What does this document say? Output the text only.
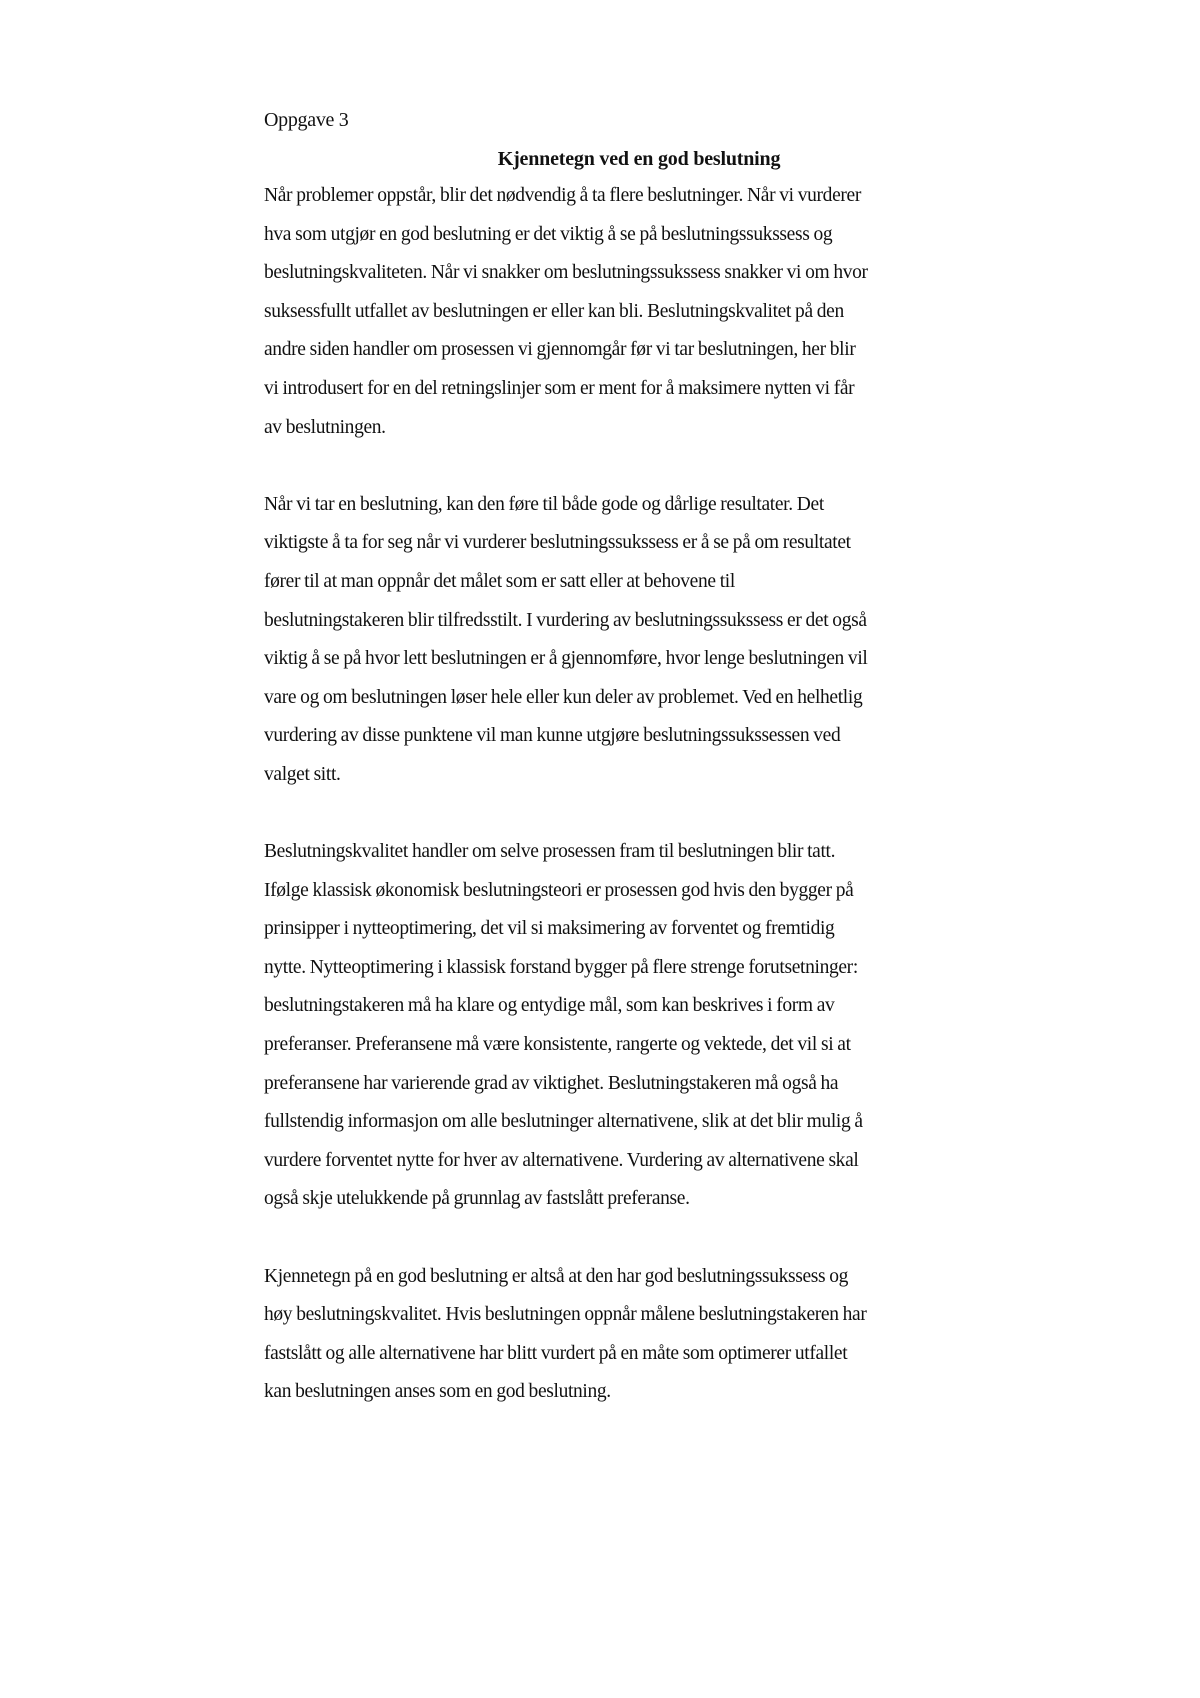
Oppgave 3
Kjennetegn ved en god beslutning
Når problemer oppstår, blir det nødvendig å ta flere beslutninger. Når vi vurderer
hva som utgjør en god beslutning er det viktig å se på beslutningssukssess og
beslutningskvaliteten. Når vi snakker om beslutningssukssess snakker vi om hvor
suksessfullt utfallet av beslutningen er eller kan bli. Beslutningskvalitet på den
andre siden handler om prosessen vi gjennomgår før vi tar beslutningen, her blir
vi introdusert for en del retningslinjer som er ment for å maksimere nytten vi får
av beslutningen.
Når vi tar en beslutning, kan den føre til både gode og dårlige resultater. Det
viktigste å ta for seg når vi vurderer beslutningssukssess er å se på om resultatet
fører til at man oppnår det målet som er satt eller at behovene til
beslutningstakeren blir tilfredsstilt. I vurdering av beslutningssukssess er det også
viktig å se på hvor lett beslutningen er å gjennomføre, hvor lenge beslutningen vil
vare og om beslutningen løser hele eller kun deler av problemet. Ved en helhetlig
vurdering av disse punktene vil man kunne utgjøre beslutningssukssessen ved
valget sitt.
Beslutningskvalitet handler om selve prosessen fram til beslutningen blir tatt.
Ifølge klassisk økonomisk beslutningsteori er prosessen god hvis den bygger på
prinsipper i nytteoptimering, det vil si maksimering av forventet og fremtidig
nytte. Nytteoptimering i klassisk forstand bygger på flere strenge forutsetninger:
beslutningstakeren må ha klare og entydige mål, som kan beskrives i form av
preferanser. Preferansene må være konsistente, rangerte og vektede, det vil si at
preferansene har varierende grad av viktighet. Beslutningstakeren må også ha
fullstendig informasjon om alle beslutninger alternativene, slik at det blir mulig å
vurdere forventet nytte for hver av alternativene. Vurdering av alternativene skal
også skje utelukkende på grunnlag av fastslått preferanse.
Kjennetegn på en god beslutning er altså at den har god beslutningssukssess og
høy beslutningskvalitet. Hvis beslutningen oppnår målene beslutningstakeren har
fastslått og alle alternativene har blitt vurdert på en måte som optimerer utfallet
kan beslutningen anses som en god beslutning.
